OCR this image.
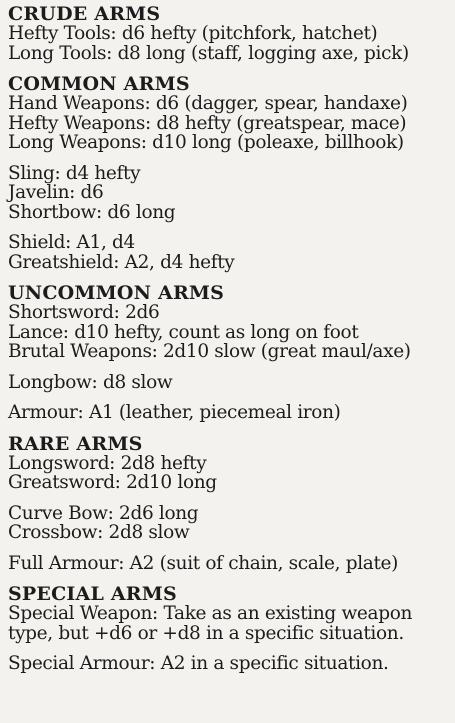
CRUDE ARMS

Hefty Tools: d6 hefty (pitchfork, hatchet)

Long Tools: d8 long (staff, logging axe, pick)

COMMON ARMS

Hand Weapons: d6 (dagger, spear, handaxe)

Hefty Weapons: d8 hefty (greatspear, mace)

Long Weapons: d10 long (poleaxe, billhook)

Sling: d4 hefty

Javelin: d6

Shortbow: d6 long

Shield: A1, d4

Greatshield: A2, d4 hefty

UNCOMMON ARMS

Shortsword: 2d6

Lance: d10 hefty, count as long on foot

Brutal Weapons: 2d10 slow (great maul/axe)

Longbow: d8 slow

Armour: A1 (leather, piecemeal iron)

RARE ARMS

Longsword: 2d8 hefty

Greatsword: 2d10 long

Curve Bow: 2d6 long

Crossbow: 2d8 slow

Full Armour: A2 (suit of chain, scale, plate)

SPECIAL ARMS

Special Weapon: Take as an existing weapon

type, but +d6 or +d8 in a specific situation.

Special Armour: A2 in a specific situation.
